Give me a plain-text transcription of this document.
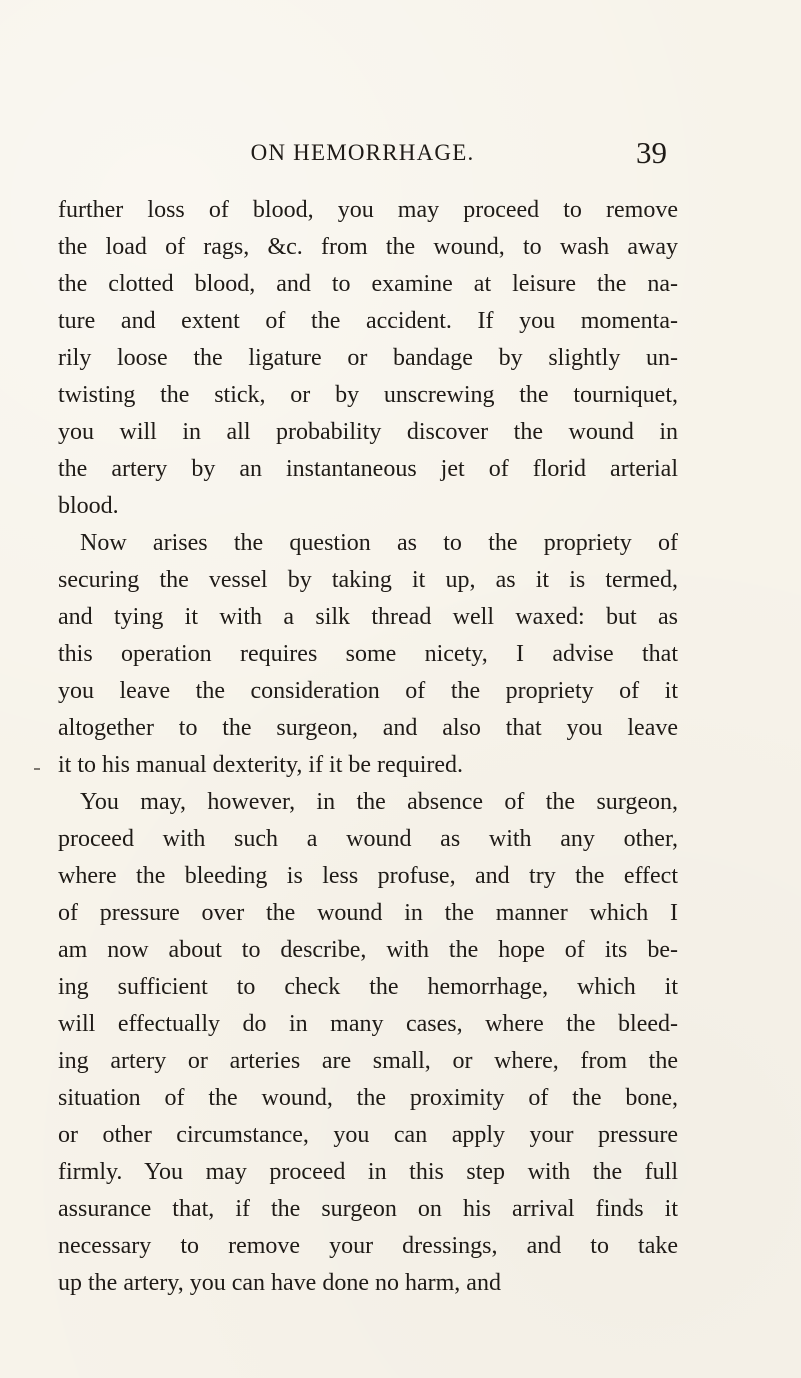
ON HEMORRHAGE.	39
further loss of blood, you may proceed to remove
the load of rags, &c. from the wound, to wash away
the clotted blood, and to examine at leisure the na-
ture and extent of the accident. If you momenta-
rily loose the ligature or bandage by slightly un-
twisting the stick, or by unscrewing the tourniquet,
you will in all probability discover the wound in
the artery by an instantaneous jet of florid arterial
blood.
Now arises the question as to the propriety of
securing the vessel by taking it up, as it is termed,
and tying it with a silk thread well waxed: but as
this operation requires some nicety, I advise that
you leave the consideration of the propriety of it
altogether to the surgeon, and also that you leave
it to his manual dexterity, if it be required.
You may, however, in the absence of the surgeon,
proceed with such a wound as with any other,
where the bleeding is less profuse, and try the effect
of pressure over the wound in the manner which I
am now about to describe, with the hope of its be-
ing sufficient to check the hemorrhage, which it
will effectually do in many cases, where the bleed-
ing artery or arteries are small, or where, from the
situation of the wound, the proximity of the bone,
or other circumstance, you can apply your pressure
firmly. You may proceed in this step with the full
assurance that, if the surgeon on his arrival finds it
necessary to remove your dressings, and to take
up the artery, you can have done no harm, and
